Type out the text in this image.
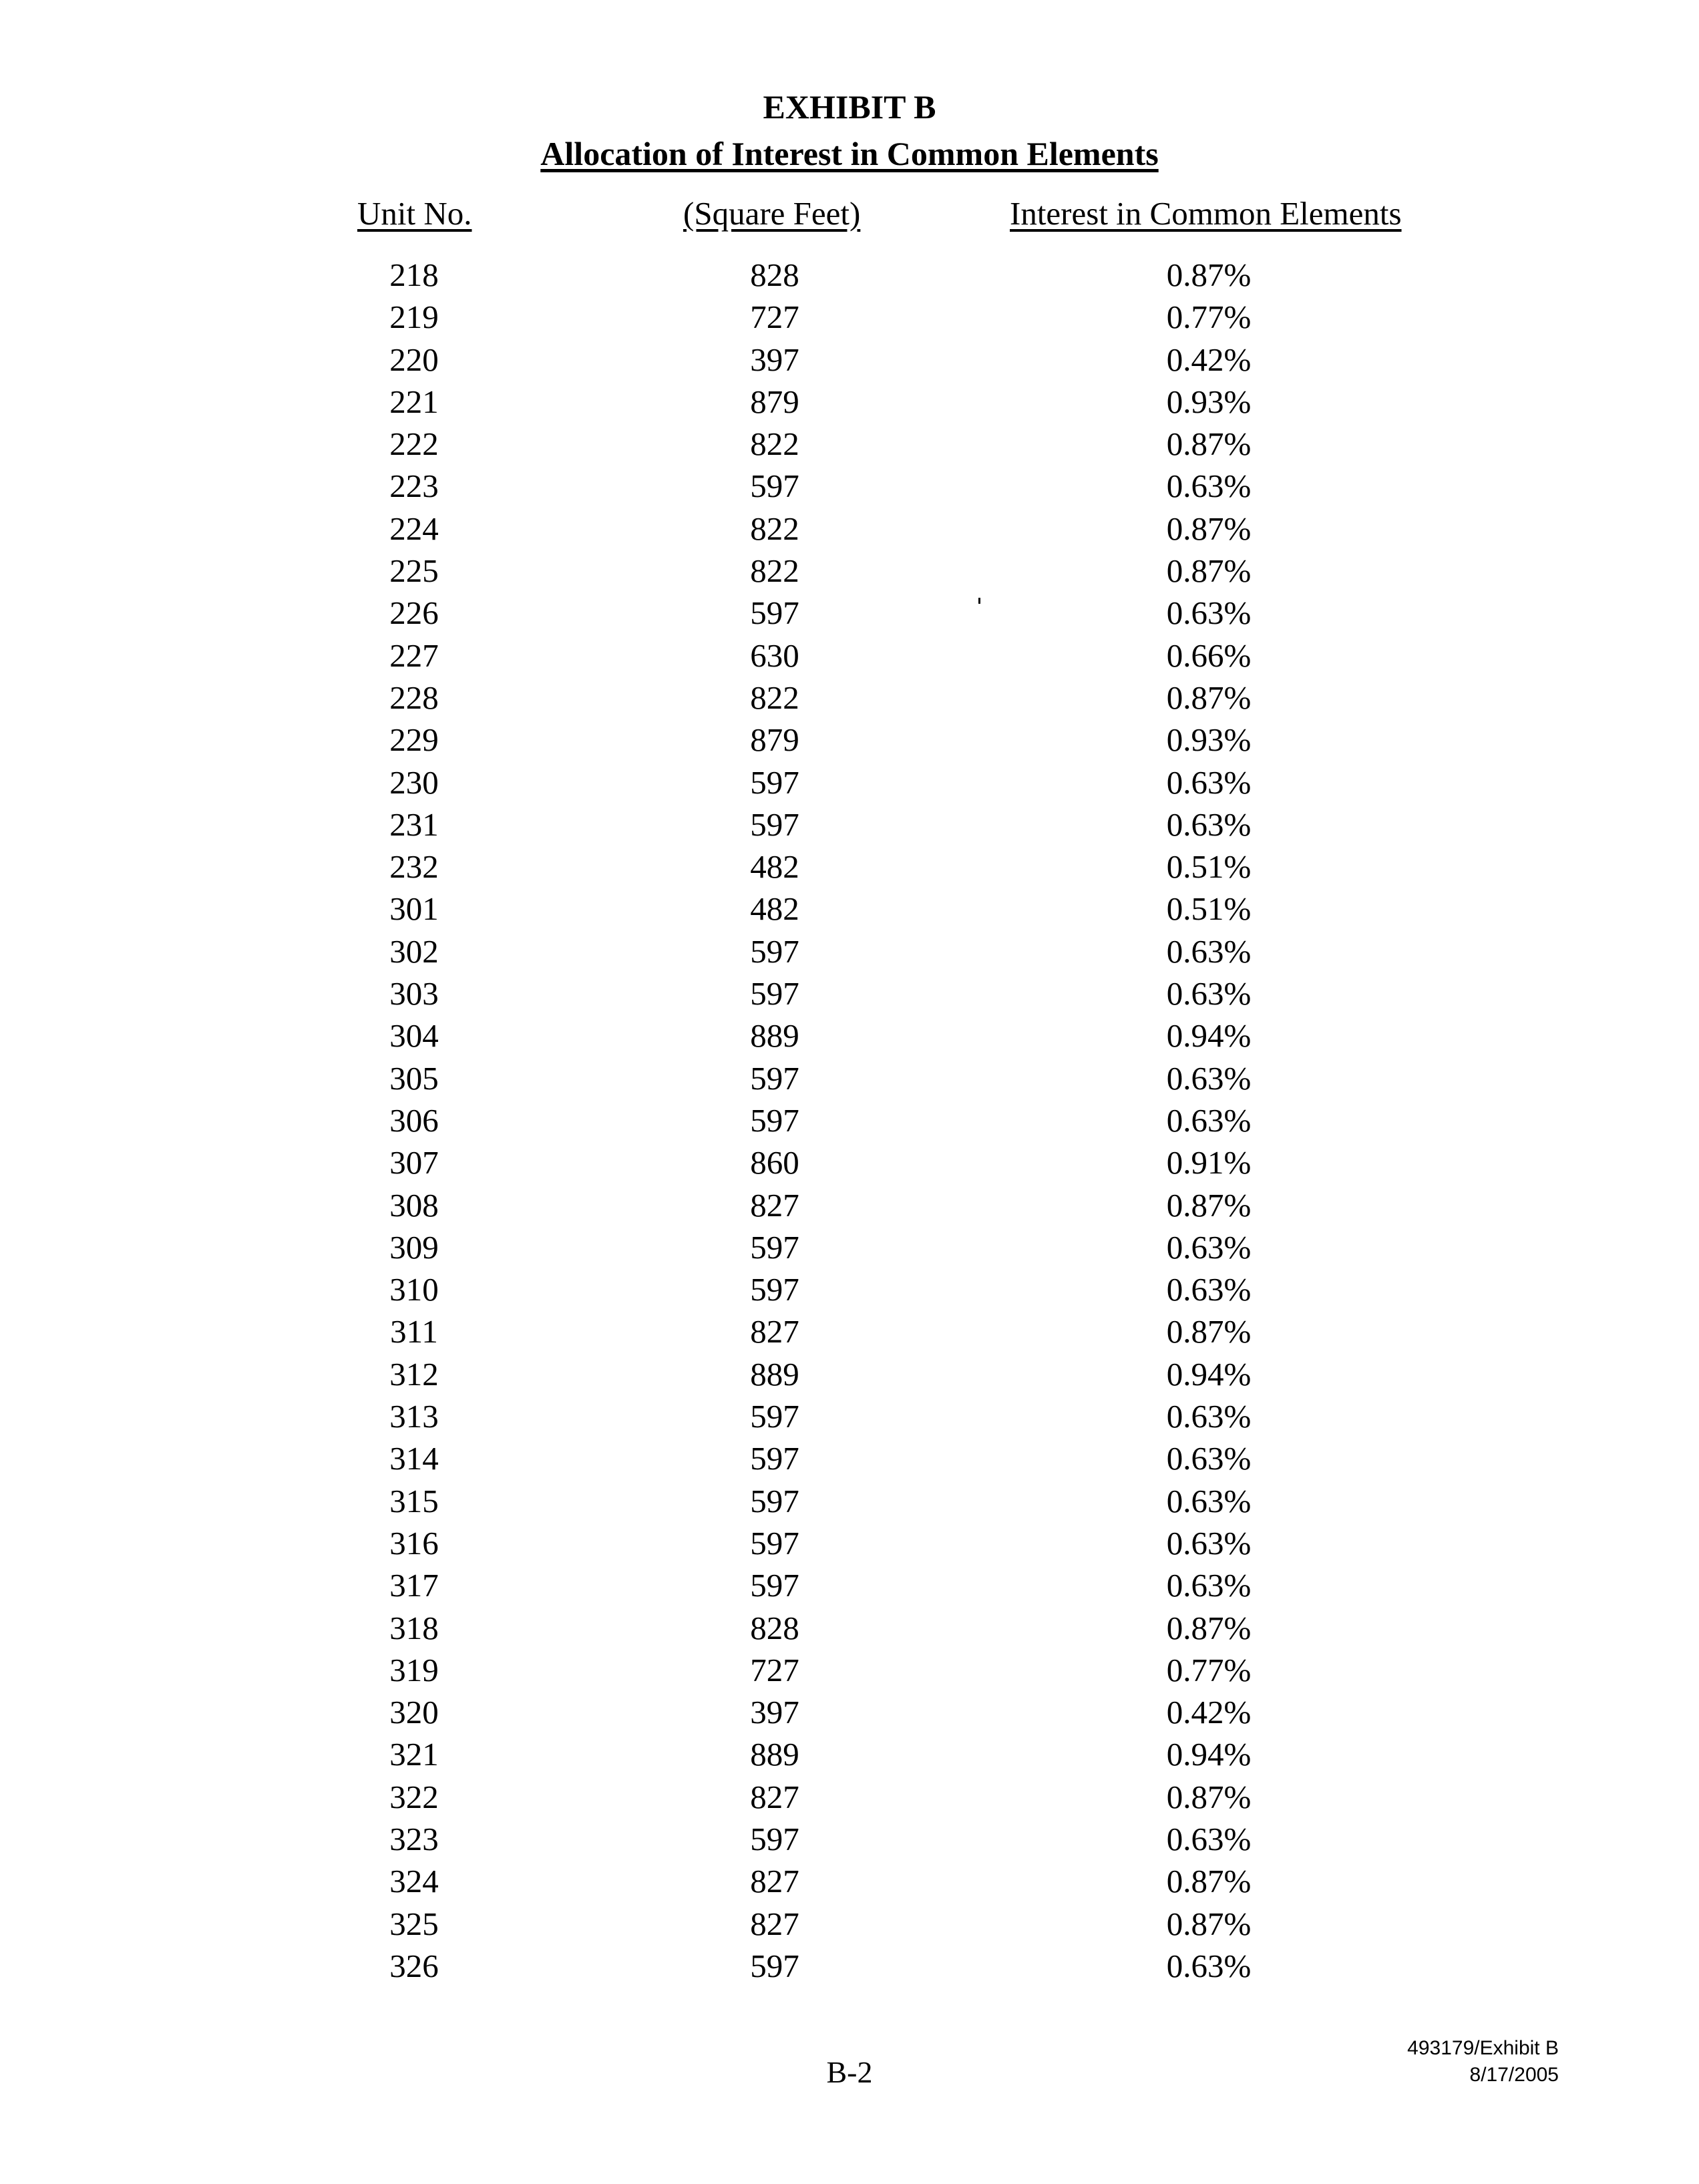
EXHIBIT B
Allocation of Interest in Common Elements
Unit No.	(Square Feet)	Interest in Common Elements
218	828	0.87%
219	727	0.77%
220	397	0.42%
221	879	0.93%
222	822	0.87%
223	597	0.63%
224	822	0.87%
225	822	0.87%
226	597	0.63%
227	630	0.66%
228	822	0.87%
229	879	0.93%
230	597	0.63%
231	597	0.63%
232	482	0.51%
301	482	0.51%
302	597	0.63%
303	597	0.63%
304	889	0.94%
305	597	0.63%
306	597	0.63%
307	860	0.91%
308	827	0.87%
309	597	0.63%
310	597	0.63%
311	827	0.87%
312	889	0.94%
313	597	0.63%
314	597	0.63%
315	597	0.63%
316	597	0.63%
317	597	0.63%
318	828	0.87%
319	727	0.77%
320	397	0.42%
321	889	0.94%
322	827	0.87%
323	597	0.63%
324	827	0.87%
325	827	0.87%
326	597	0.63%
B-2
493179/Exhibit B
8/17/2005
